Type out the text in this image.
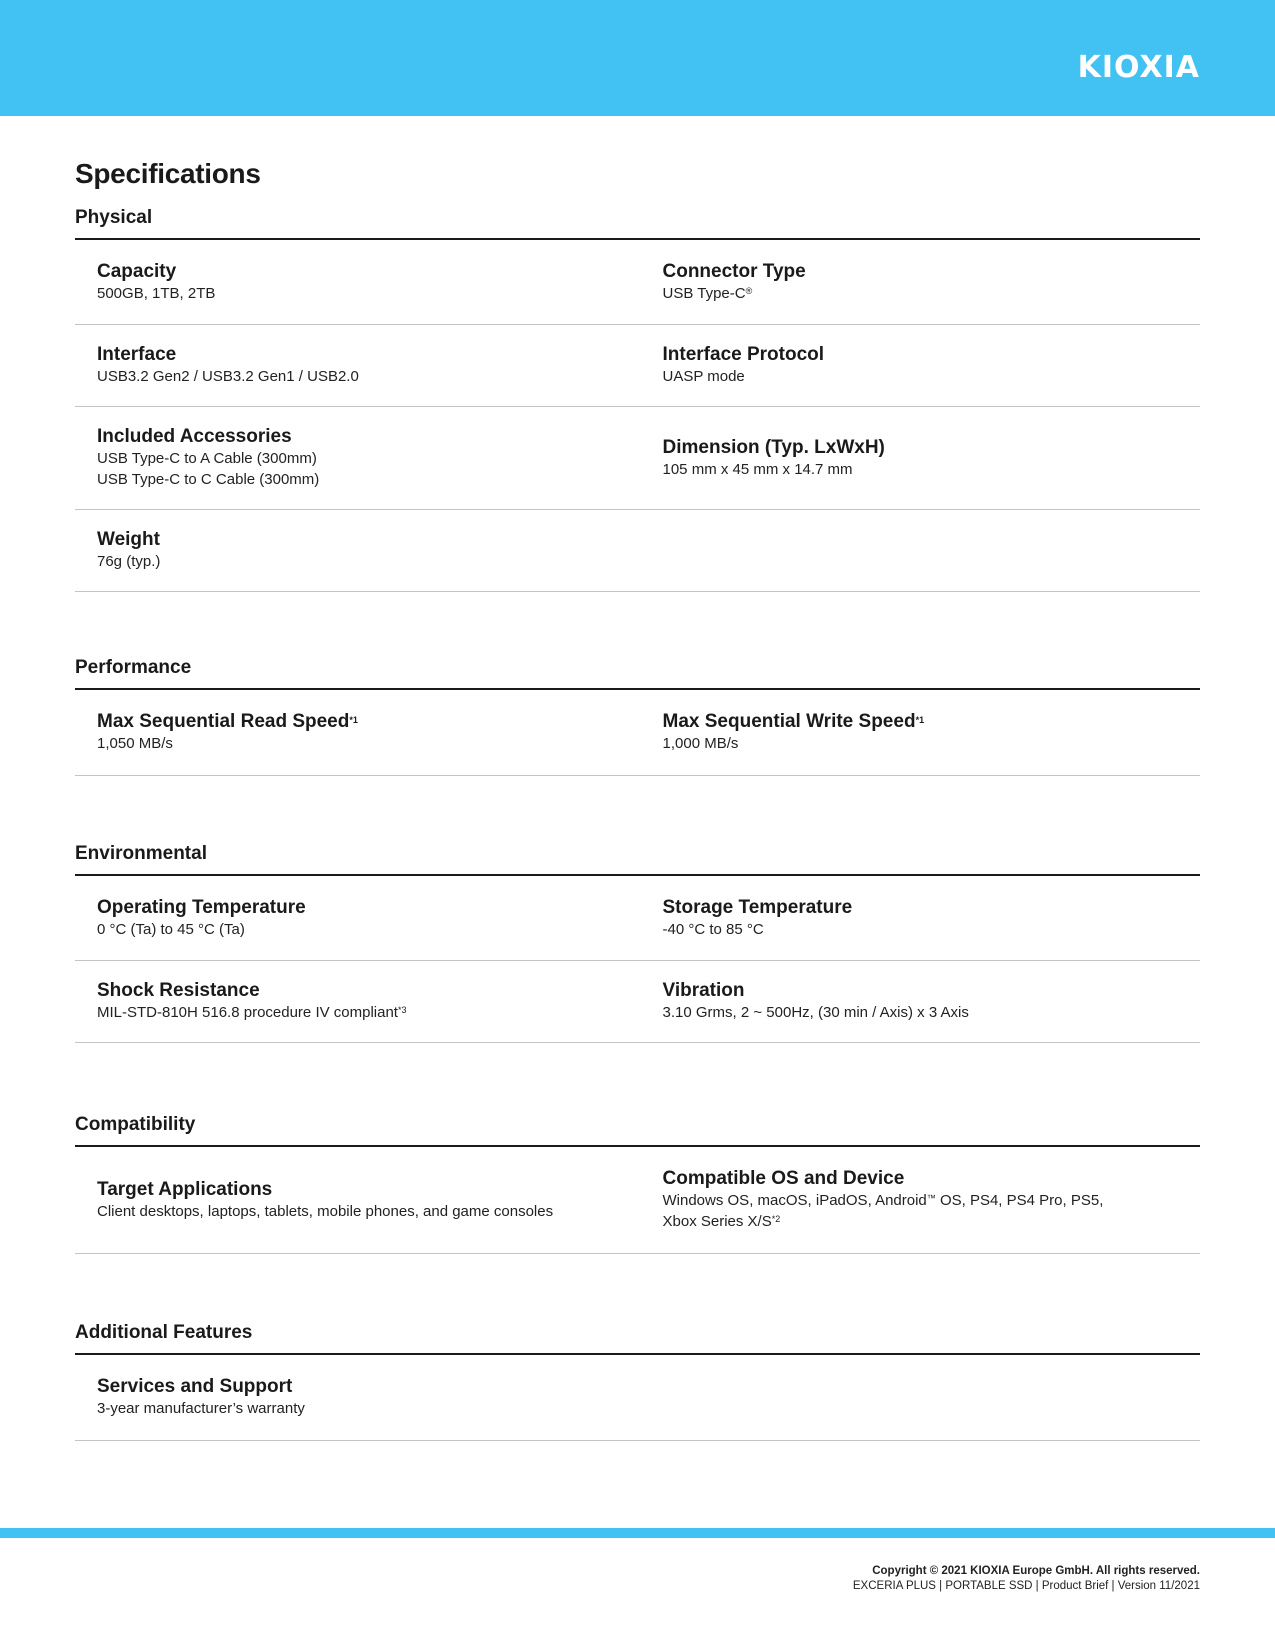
KIOXIA
Specifications
Physical
Capacity
500GB, 1TB, 2TB
Connector Type
USB Type-C®
Interface
USB3.2 Gen2 / USB3.2 Gen1 / USB2.0
Interface Protocol
UASP mode
Included Accessories
USB Type-C to A Cable (300mm)
USB Type-C to C Cable (300mm)
Dimension (Typ. LxWxH)
105 mm x 45 mm x 14.7 mm
Weight
76g (typ.)
Performance
Max Sequential Read Speed$^{*1}$
1,050 MB/s
Max Sequential Write Speed$^{*1}$
1,000 MB/s
Environmental
Operating Temperature
0 °C (Ta) to 45 °C (Ta)
Storage Temperature
-40 °C to 85 °C
Shock Resistance
MIL-STD-810H 516.8 procedure IV compliant$^{*3}$
Vibration
3.10 Grms, 2 ~ 500Hz, (30 min / Axis) x 3 Axis
Compatibility
Target Applications
Client desktops, laptops, tablets, mobile phones, and game consoles
Compatible OS and Device
Windows OS, macOS, iPadOS, Android™ OS, PS4, PS4 Pro, PS5,
Xbox Series $X/S^{*2}$
Additional Features
Services and Support
3-year manufacturer’s warranty
Copyright © 2021 KIOXIA Europe GmbH. All rights reserved.
EXCERIA PLUS | PORTABLE SSD | Product Brief | Version 11/2021
